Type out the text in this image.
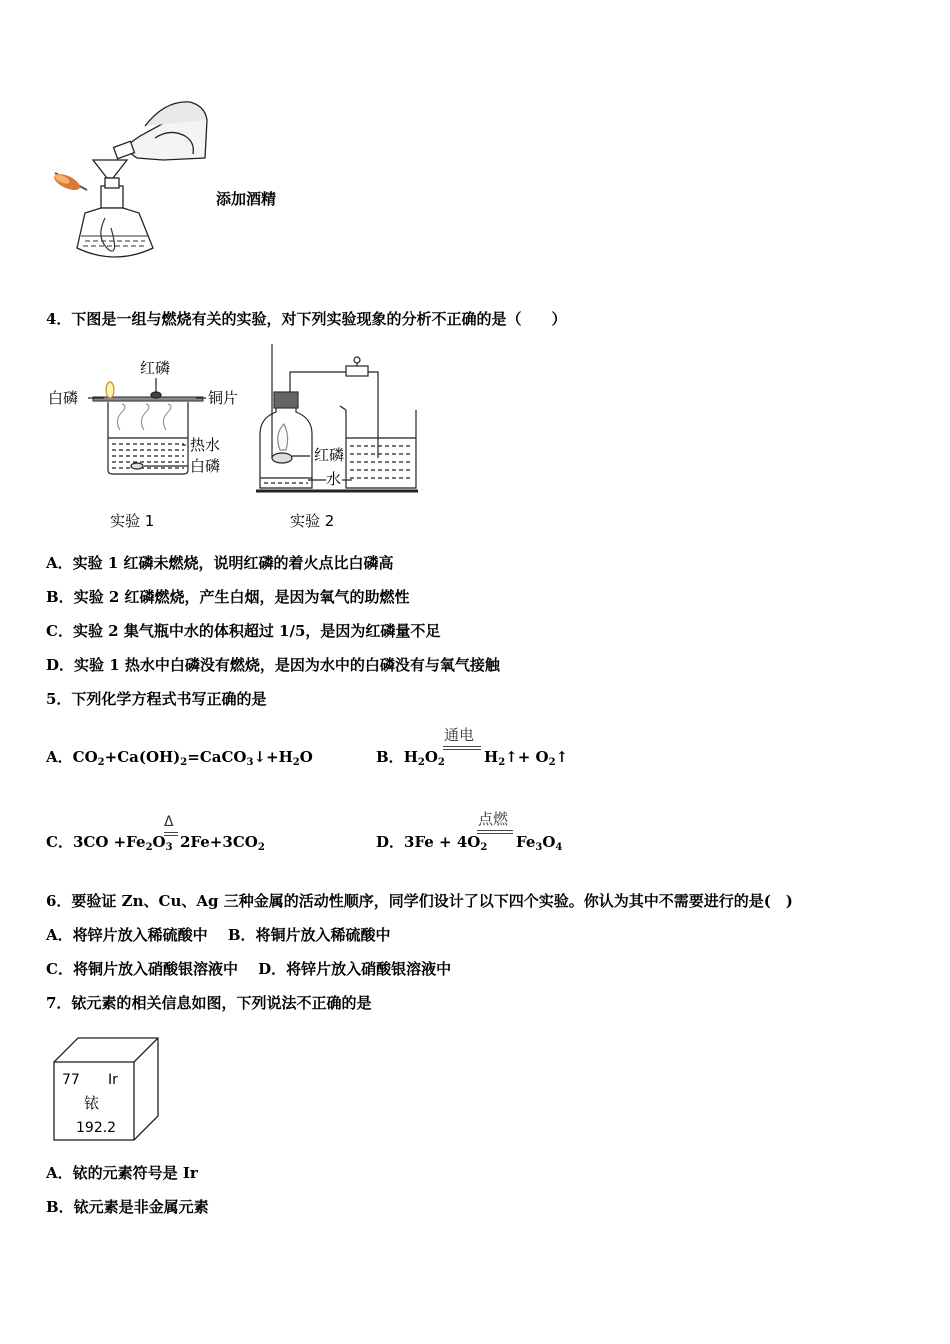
添加酒精
4．下图是一组与燃烧有关的实验，对下列实验现象的分析不正确的是（　　）
白磷
红磷
铜片
热水
白磷
实验 1
红磷
水
实验 2
A．实验 1 红磷未燃烧，说明红磷的着火点比白磷高
B．实验 2 红磷燃烧，产生白烟，是因为氧气的助燃性
C．实验 2 集气瓶中水的体积超过 1/5，是因为红磷量不足
D．实验 1 热水中白磷没有燃烧，是因为水中的白磷没有与氧气接触
5．下列化学方程式书写正确的是
A．$CO_2+Ca(OH)_2=CaCO_3↓+H_2O$	B．$H_2O_2$
通电
$H_2↑+$ $O_2↑$
C．$3CO +Fe_2O_3$
Δ
$2Fe+3CO_2$	D．$3Fe + 4O_2$
点燃
$Fe_3O_4$
6．要验证 Zn、Cu、Ag 三种金属的活动性顺序，同学们设计了以下四个实验。你认为其中不需要进行的是(　)
A．将锌片放入稀硫酸中　 B．将铜片放入稀硫酸中
C．将铜片放入硝酸银溶液中　 D．将锌片放入硝酸银溶液中
7．铱元素的相关信息如图，下列说法不正确的是
77 Ir
铱
192.2
A．铱的元素符号是 Ir
B．铱元素是非金属元素
